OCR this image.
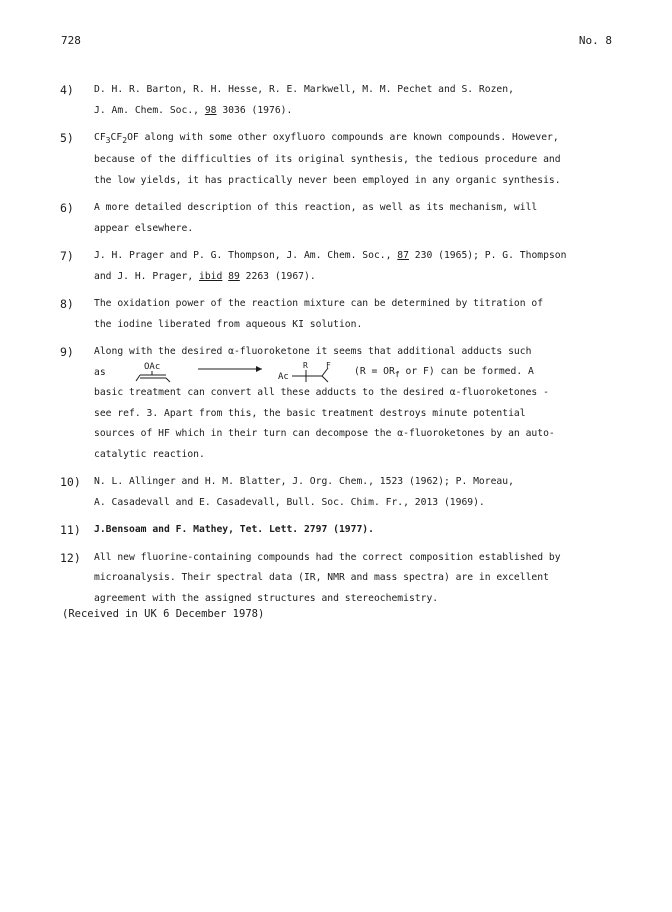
728	No. 8
4)	D. H. R. Barton, R. H. Hesse, R. E. Markwell, M. M. Pechet and S. Rozen,
J. Am. Chem. Soc., 98 3036 (1976).
5)	$CF_3CF_2OF$ along with some other oxyfluoro compounds are known compounds. However,
because of the difficulties of its original synthesis, the tedious procedure and
the low yields, it has practically never been employed in any organic synthesis.
6)	A more detailed description of this reaction, as well as its mechanism, will
appear elsewhere.
7)	J. H. Prager and P. G. Thompson, J. Am. Chem. Soc., 87 230 (1965); P. G. Thompson
and J. H. Prager, ibid 89 2263 (1967).
8)	The oxidation power of the reaction mixture can be determined by titration of
the iodine liberated from aqueous KI solution.
9)	Along with the desired α-fluoroketone it seems that additional adducts such
as	OAc
Ac
R F
($R = OR_f$ or F) can be formed. A
basic treatment can convert all these adducts to the desired α-fluoroketones -
see ref. 3. Apart from this, the basic treatment destroys minute potential
sources of HF which in their turn can decompose the α-fluoroketones by an auto-
catalytic reaction.
10)	N. L. Allinger and H. M. Blatter, J. Org. Chem., 1523 (1962); P. Moreau,
A. Casadevall and E. Casadevall, Bull. Soc. Chim. Fr., 2013 (1969).
11)	J.Bensoam and F. Mathey, Tet. Lett. 2797 (1977).
12)	All new fluorine-containing compounds had the correct composition established by
microanalysis. Their spectral data (IR, NMR and mass spectra) are in excellent
agreement with the assigned structures and stereochemistry.
(Received in UK 6 December 1978)
